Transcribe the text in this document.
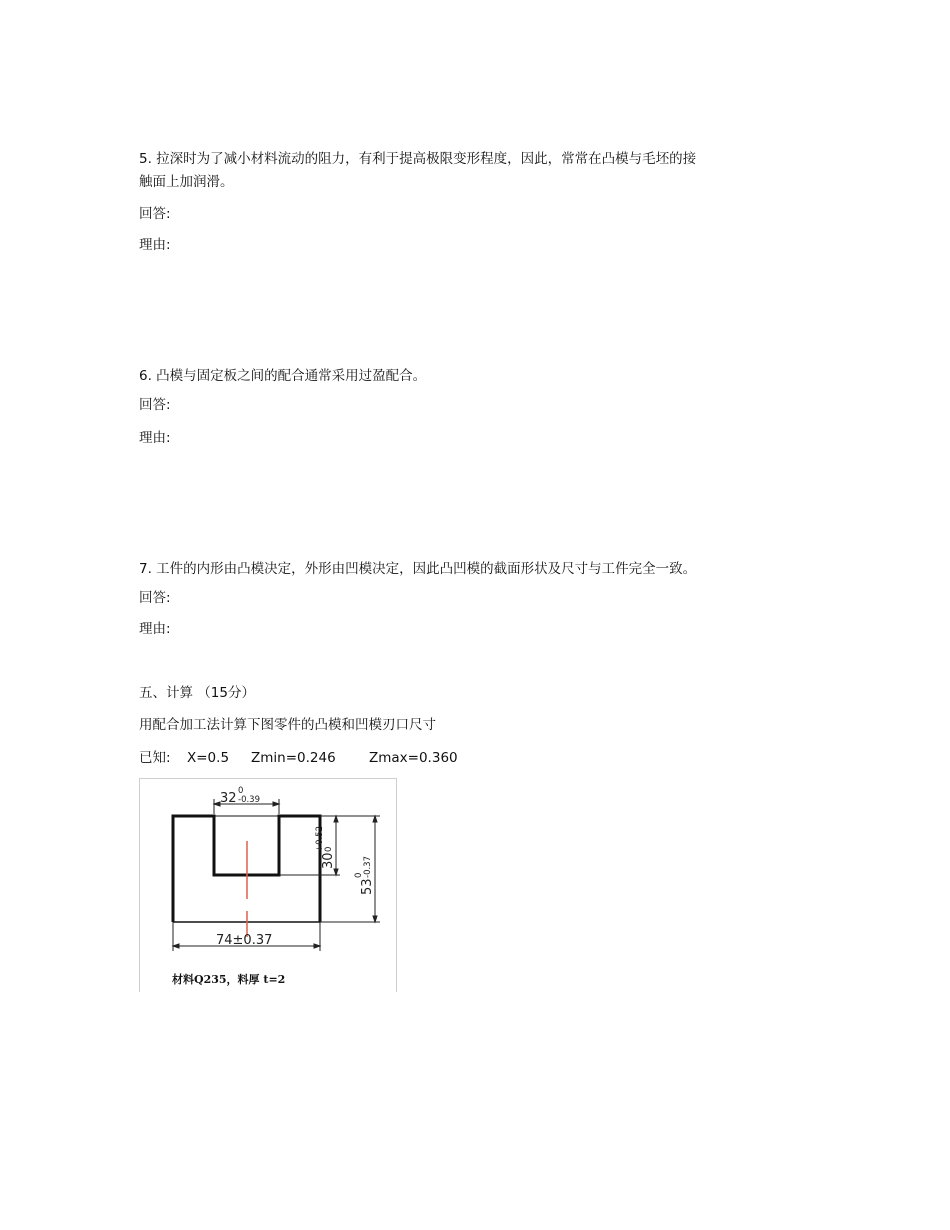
5. 拉深时为了减小材料流动的阻力，有利于提高极限变形程度，因此，常常在凸模与毛坯的接
触面上加润滑。
回答:
理由:
6. 凸模与固定板之间的配合通常采用过盈配合。
回答:
理由:
7. 工件的内形由凸模决定，外形由凹模决定，因此凸凹模的截面形状及尺寸与工件完全一致。
回答:
理由:
五、计算 （15分）
用配合加工法计算下图零件的凸模和凹模刃口尺寸
已知: X=0.5 Zmin=0.246 Zmax=0.360
32 0
-0.39
30
+0.52 0
53
0 -0.37
74±0.37
材料Q235，料厚 t=2
